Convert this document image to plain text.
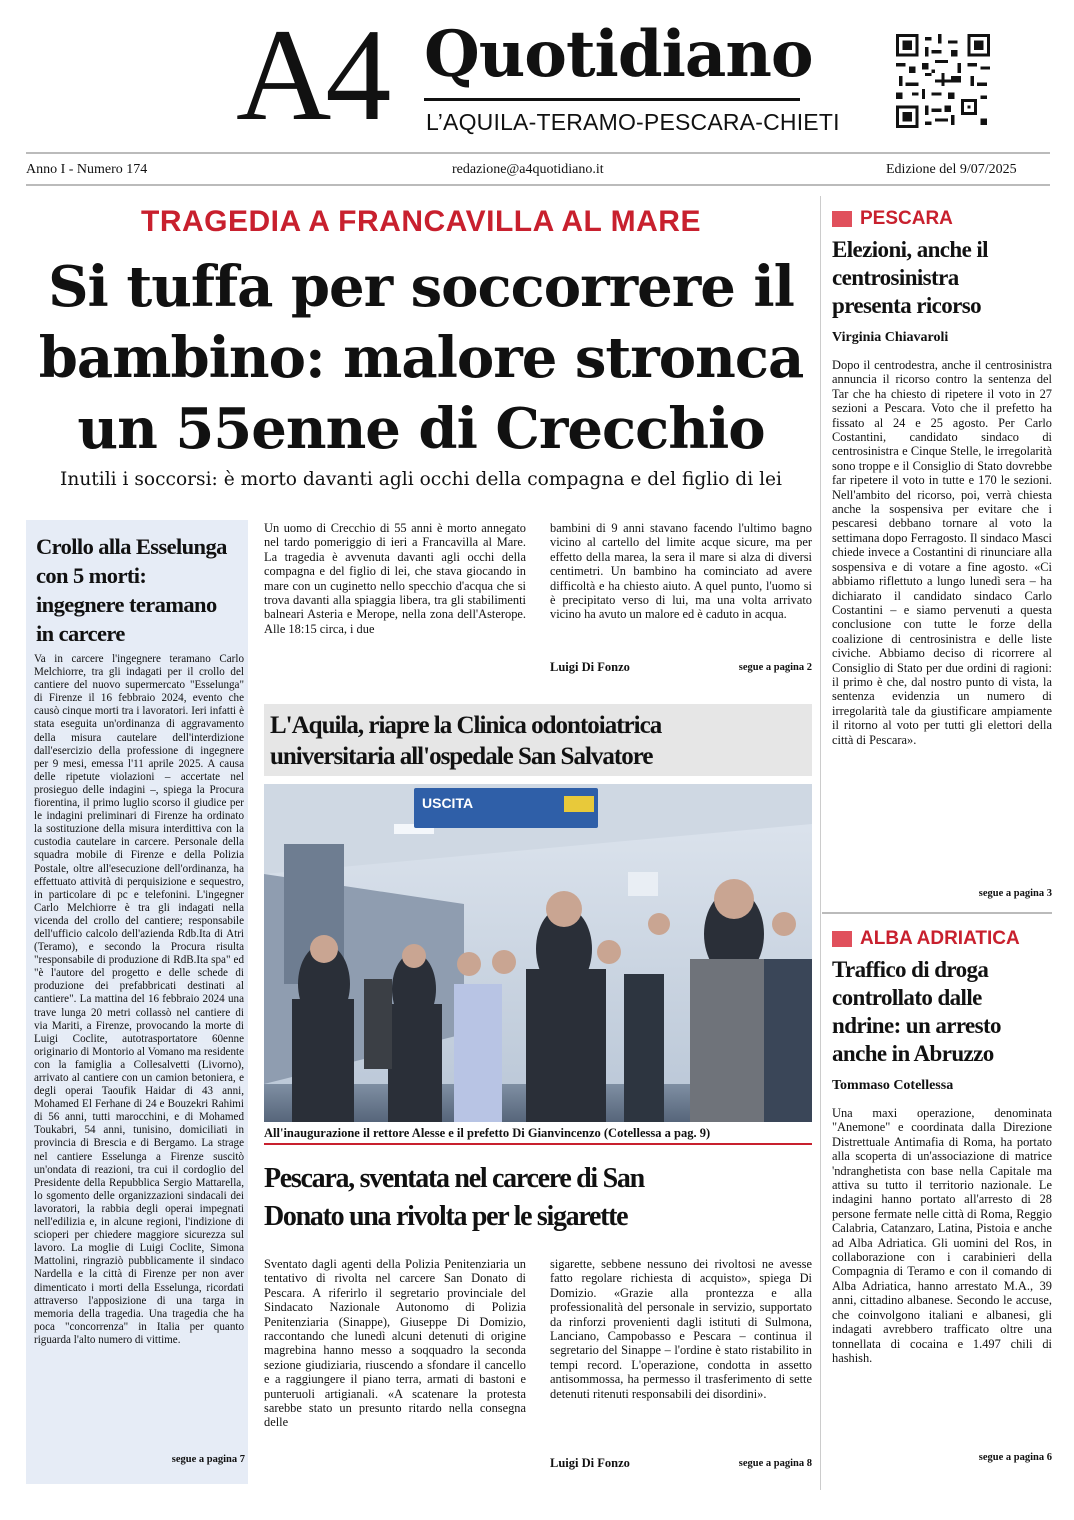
A4 Quotidiano
L’AQUILA-TERAMO-PESCARA-CHIETI
Anno I - Numero 174	redazione@a4quotidiano.it	Edizione del 9/07/2025
TRAGEDIA A FRANCAVILLA AL MARE
Si tuffa per soccorrere il
bambino: malore stronca
un 55enne di Crecchio
Inutili i soccorsi: è morto davanti agli occhi della compagna e del figlio di lei
Un uomo di Crecchio di 55 anni è morto annegato nel tardo pomeriggio di ieri a Francavilla al Mare. La tragedia è avvenuta davanti agli occhi della compagna e del figlio di lei, che stava giocando in mare con un cuginetto nello specchio d'acqua che si trova davanti alla spiaggia libera, tra gli stabilimenti balneari Asteria e Merope, nella zona dell'Asterope. Alle 18:15 circa, i due
bambini di 9 anni stavano facendo l'ultimo bagno vicino al cartello del limite acque sicure, ma per effetto della marea, la sera il mare si alza di diversi centimetri. Un bambino ha cominciato ad avere difficoltà e ha chiesto aiuto. A quel punto, l'uomo si è precipitato verso di lui, ma una volta arrivato vicino ha avuto un malore ed è caduto in acqua.
Luigi Di Fonzo	segue a pagina 2
Crollo alla Esselunga
con 5 morti:
ingegnere teramano
in carcere
Va in carcere l'ingegnere teramano Carlo Melchiorre, tra gli indagati per il crollo del cantiere del nuovo supermercato "Esselunga" di Firenze il 16 febbraio 2024, evento che causò cinque morti tra i lavoratori. Ieri infatti è stata eseguita un'ordinanza di aggravamento della misura cautelare dell'interdizione dall'esercizio della professione di ingegnere per 9 mesi, emessa l'11 aprile 2025. A causa delle ripetute violazioni – accertate nel prosieguo delle indagini –, spiega la Procura fiorentina, il primo luglio scorso il giudice per le indagini preliminari di Firenze ha ordinato la sostituzione della misura interdittiva con la custodia cautelare in carcere. Personale della squadra mobile di Firenze e della Polizia Postale, oltre all'esecuzione dell'ordinanza, ha effettuato attività di perquisizione e sequestro, in particolare di pc e telefonini. L'ingegner Carlo Melchiorre è tra gli indagati nella vicenda del crollo del cantiere; responsabile dell'ufficio calcolo dell'azienda Rdb.Ita di Atri (Teramo), e secondo la Procura risulta "responsabile di produzione di RdB.Ita spa" ed "è l'autore del progetto e delle schede di produzione dei prefabbricati destinati al cantiere". La mattina del 16 febbraio 2024 una trave lunga 20 metri collassò nel cantiere di via Mariti, a Firenze, provocando la morte di Luigi Coclite, autotrasportatore 60enne originario di Montorio al Vomano ma residente con la famiglia a Collesalvetti (Livorno), arrivato al cantiere con un camion betoniera, e degli operai Taoufik Haidar di 43 anni, Mohamed El Ferhane di 24 e Bouzekri Rahimi di 56 anni, tutti marocchini, e di Mohamed Toukabri, 54 anni, tunisino, domiciliati in provincia di Brescia e di Bergamo. La strage nel cantiere Esselunga a Firenze suscitò un'ondata di reazioni, tra cui il cordoglio del Presidente della Repubblica Sergio Mattarella, lo sgomento delle organizzazioni sindacali dei lavoratori, la rabbia degli operai impegnati nell'edilizia e, in alcune regioni, l'indizione di scioperi per chiedere maggiore sicurezza sul lavoro. La moglie di Luigi Coclite, Simona Mattolini, ringraziò pubblicamente il sindaco Nardella e la città di Firenze per non aver dimenticato i morti della Esselunga, ricordati attraverso l'apposizione di una targa in memoria della tragedia. Una tragedia che ha poca "concorrenza" in Italia per quanto riguarda l'alto numero di vittime.
segue a pagina 7
L'Aquila, riapre la Clinica odontoiatrica
universitaria all'ospedale San Salvatore
USCITA
All'inaugurazione il rettore Alesse e il prefetto Di Gianvincenzo (Cotellessa a pag. 9)
Pescara, sventata nel carcere di San
Donato una rivolta per le sigarette
Sventato dagli agenti della Polizia Penitenziaria un tentativo di rivolta nel carcere San Donato di Pescara. A riferirlo il segretario provinciale del Sindacato Nazionale Autonomo di Polizia Penitenziaria (Sinappe), Giuseppe Di Domizio, raccontando che lunedì alcuni detenuti di origine magrebina hanno messo a soqquadro la seconda sezione giudiziaria, riuscendo a sfondare il cancello e a raggiungere il piano terra, armati di bastoni e punteruoli artigianali. «A scatenare la protesta sarebbe stato un presunto ritardo nella consegna delle
sigarette, sebbene nessuno dei rivoltosi ne avesse fatto regolare richiesta di acquisto», spiega Di Domizio. «Grazie alla prontezza e alla professionalità del personale in servizio, supportato da rinforzi provenienti dagli istituti di Sulmona, Lanciano, Campobasso e Pescara – continua il segretario del Sinappe – l'ordine è stato ristabilito in tempi record. L'operazione, condotta in assetto antisommossa, ha permesso il trasferimento di sette detenuti ritenuti responsabili dei disordini».
Luigi Di Fonzo	segue a pagina 8
PESCARA
Elezioni, anche il
centrosinistra
presenta ricorso
Virginia Chiavaroli
Dopo il centrodestra, anche il centrosinistra annuncia il ricorso contro la sentenza del Tar che ha chiesto di ripetere il voto in 27 sezioni a Pescara. Voto che il prefetto ha fissato al 24 e 25 agosto. Per Carlo Costantini, candidato sindaco di centrosinistra e Cinque Stelle, le irregolarità sono troppe e il Consiglio di Stato dovrebbe far ripetere il voto in tutte e 170 le sezioni. Nell'ambito del ricorso, poi, verrà chiesta anche la sospensiva per evitare che i pescaresi debbano tornare al voto la settimana dopo Ferragosto. Il sindaco Masci chiede invece a Costantini di rinunciare alla sospensiva e di votare a fine agosto. «Ci abbiamo riflettuto a lungo lunedì sera – ha dichiarato il candidato sindaco Carlo Costantini – e siamo pervenuti a questa conclusione con tutte le forze della coalizione di centrosinistra e delle liste civiche. Abbiamo deciso di ricorrere al Consiglio di Stato per due ordini di ragioni: il primo è che, dal nostro punto di vista, la sentenza evidenzia un numero di irregolarità tale da giustificare ampiamente il ritorno al voto per tutti gli elettori della città di Pescara».
segue a pagina 3
ALBA ADRIATICA
Traffico di droga
controllato dalle
ndrine: un arresto
anche in Abruzzo
Tommaso Cotellessa
Una maxi operazione, denominata "Anemone" e coordinata dalla Direzione Distrettuale Antimafia di Roma, ha portato alla scoperta di un'associazione di matrice 'ndranghetista con base nella Capitale ma attiva su tutto il territorio nazionale. Le indagini hanno portato all'arresto di 28 persone fermate nelle città di Roma, Reggio Calabria, Catanzaro, Latina, Pistoia e anche ad Alba Adriatica. Gli uomini del Ros, in collaborazione con i carabinieri della Compagnia di Teramo e con il comando di Alba Adriatica, hanno arrestato M.A., 39 anni, cittadino albanese. Secondo le accuse, che coinvolgono italiani e albanesi, gli indagati avrebbero trafficato oltre una tonnellata di cocaina e 1.497 chili di hashish.
segue a pagina 6
